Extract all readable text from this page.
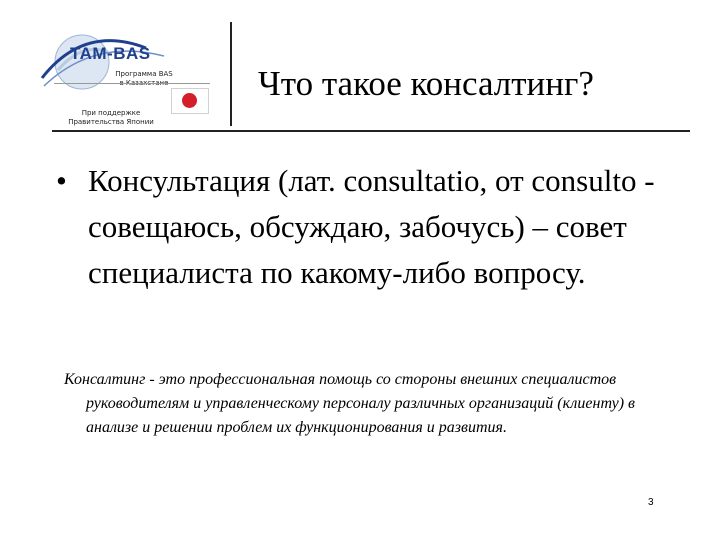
TAM-BAS
Программа BAS
в Казахстане
При поддержке
Правительства Японии
Что такое консалтинг?
• Консультация (лат. consultatio, от consulto - совещаюсь, обсуждаю, забочусь) – совет специалиста по какому-либо вопросу.
Консалтинг - это профессиональная помощь со стороны внешних специалистов руководителям и управленческому персоналу различных организаций (клиенту) в анализе и решении проблем их функционирования и развития.
3
